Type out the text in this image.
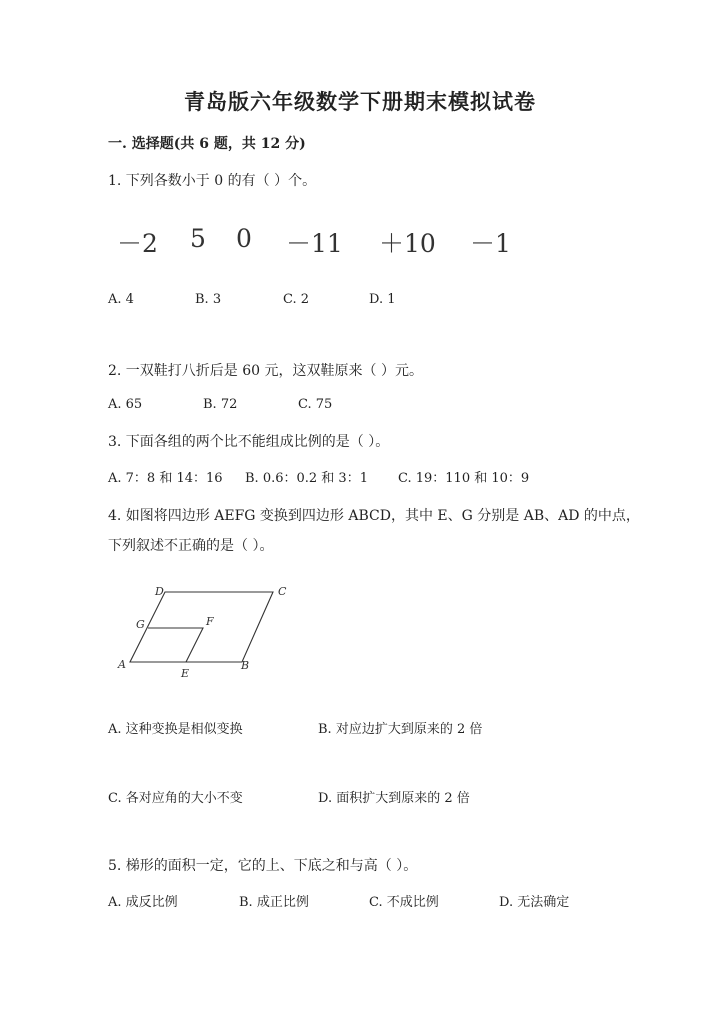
青岛版六年级数学下册期末模拟试卷
一. 选择题(共 6 题，共 12 分)
1. 下列各数小于 0 的有（ ）个。
－2 5 0 －11 ＋10 －1
A. 4	B. 3	C. 2	D. 1
2. 一双鞋打八折后是 60 元，这双鞋原来（ ）元。
A. 65	B. 72	C. 75
3. 下面各组的两个比不能组成比例的是（ ）。
A. 7：8 和 14：16 B. 0.6：0.2 和 3：1 C. 19：110 和 10：9
4. 如图将四边形 AEFG 变换到四边形 ABCD，其中 E、G 分别是 AB、AD 的中点，
下列叙述不正确的是（ ）。
D	C
G	F
A
E
B
A. 这种变换是相似变换	B. 对应边扩大到原来的 2 倍
C. 各对应角的大小不变	D. 面积扩大到原来的 2 倍
5. 梯形的面积一定，它的上、下底之和与高（ ）。
A. 成反比例	B. 成正比例	C. 不成比例	D. 无法确定
